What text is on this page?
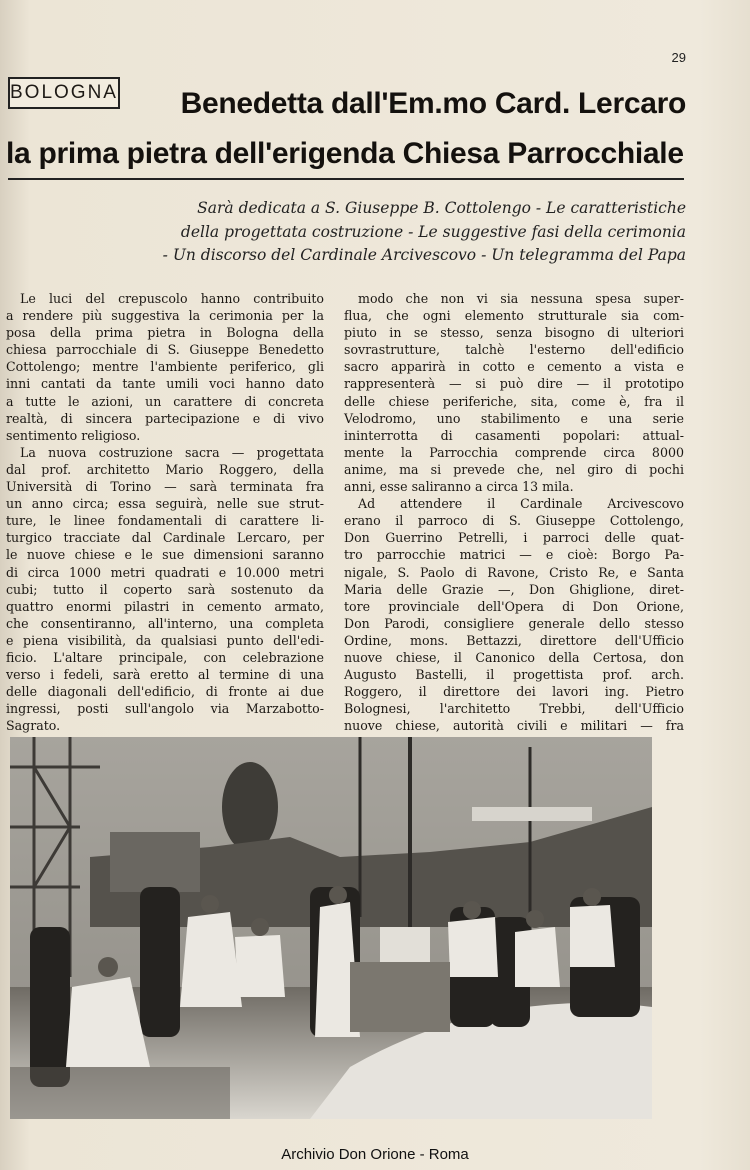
29
BOLOGNA	Benedetta dall'Em.mo Card. Lercaro
la prima pietra dell'erigenda Chiesa Parrocchiale
Sarà dedicata a S. Giuseppe B. Cottolengo - Le caratteristiche
della progettata costruzione - Le suggestive fasi della cerimonia
- Un discorso del Cardinale Arcivescovo - Un telegramma del Papa

Le luci del crepuscolo hanno contribuito
a rendere più suggestiva la cerimonia per la
posa della prima pietra in Bologna della
chiesa parrocchiale di S. Giuseppe Benedetto
Cottolengo; mentre l'ambiente periferico, gli
inni cantati da tante umili voci hanno dato
a tutte le azioni, un carattere di concreta
realtà, di sincera partecipazione e di vivo
sentimento religioso.

La nuova costruzione sacra — progettata
dal prof. architetto Mario Roggero, della
Università di Torino — sarà terminata fra
un anno circa; essa seguirà, nelle sue strut-
ture, le linee fondamentali di carattere li-
turgico tracciate dal Cardinale Lercaro, per
le nuove chiese e le sue dimensioni saranno
di circa 1000 metri quadrati e 10.000 metri
cubi; tutto il coperto sarà sostenuto da
quattro enormi pilastri in cemento armato,
che consentiranno, all'interno, una completa
e piena visibilità, da qualsiasi punto dell'edi-
ficio. L'altare principale, con celebrazione
verso i fedeli, sarà eretto al termine di una
delle diagonali dell'edificio, di fronte ai due
ingressi, posti sull'angolo via Marzabotto-
Sagrato.

modo che non vi sia nessuna spesa super-
flua, che ogni elemento strutturale sia com-
piuto in se stesso, senza bisogno di ulteriori
sovrastrutture, talchè l'esterno dell'edificio
sacro apparirà in cotto e cemento a vista e
rappresenterà — si può dire — il prototipo
delle chiese periferiche, sita, come è, fra il
Velodromo, uno stabilimento e una serie
ininterrotta di casamenti popolari: attual-
mente la Parrocchia comprende circa 8000
anime, ma si prevede che, nel giro di pochi
anni, esse saliranno a circa 13 mila.

Ad attendere il Cardinale Arcivescovo
erano il parroco di S. Giuseppe Cottolengo,
Don Guerrino Petrelli, i parroci delle quat-
tro parrocchie matrici — e cioè: Borgo Pa-
nigale, S. Paolo di Ravone, Cristo Re, e Santa
Maria delle Grazie —, Don Ghiglione, diret-
tore provinciale dell'Opera di Don Orione,
Don Parodi, consigliere generale dello stesso
Ordine, mons. Bettazzi, direttore dell'Ufficio
nuove chiese, il Canonico della Certosa, don
Augusto Bastelli, il progettista prof. arch.
Roggero, il direttore dei lavori ing. Pietro
Bolognesi, l'architetto Trebbi, dell'Ufficio
nuove chiese, autorità civili e militari — fra

Archivio Don Orione - Roma
